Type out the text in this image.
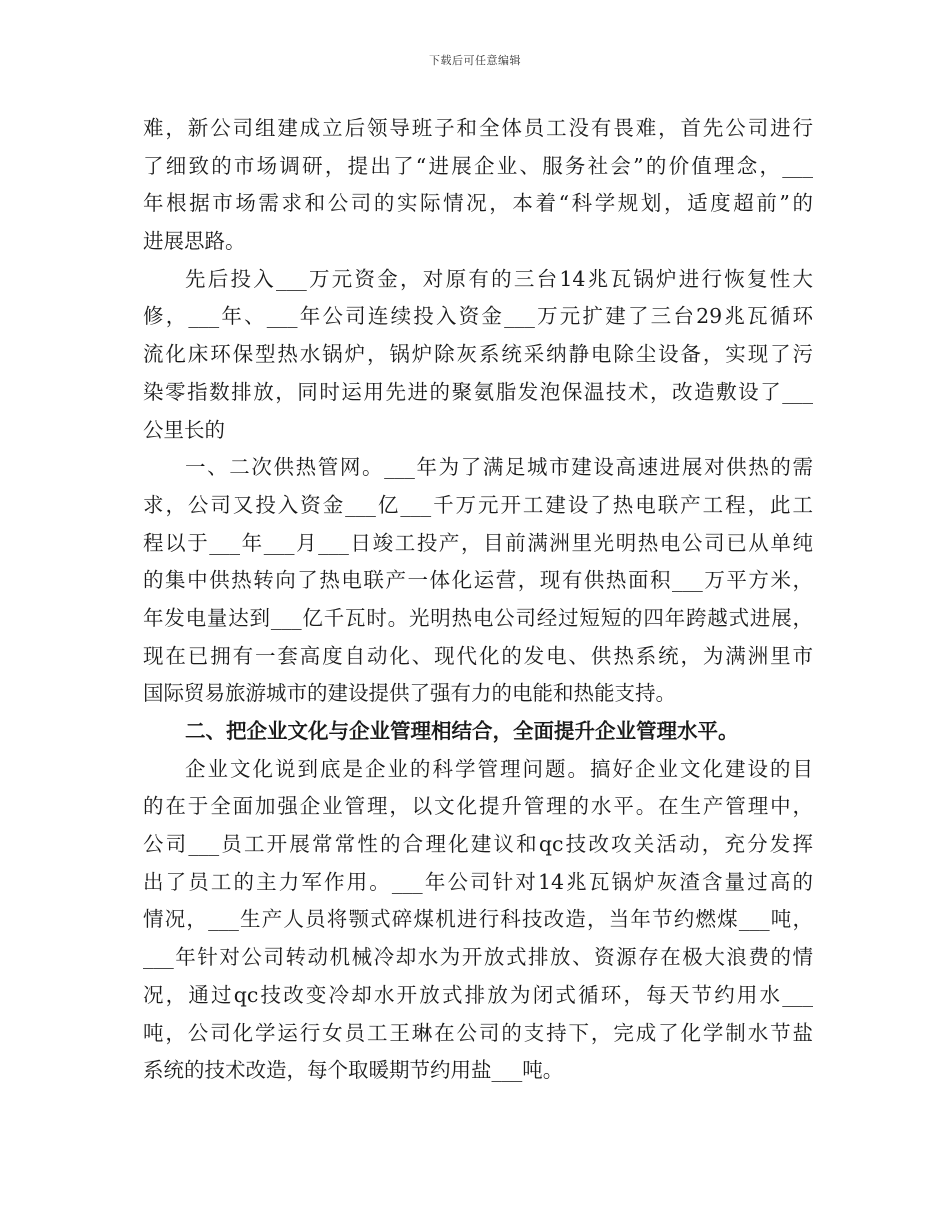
下载后可任意编辑
难，新公司组建成立后领导班子和全体员工没有畏难，首先公司进行
了细致的市场调研，提出了“进展企业、服务社会”的价值理念，___
年根据市场需求和公司的实际情况，本着“科学规划，适度超前”的
进展思路。
先后投入___万元资金，对原有的三台14兆瓦锅炉进行恢复性大
修，___年、___年公司连续投入资金___万元扩建了三台29兆瓦循环
流化床环保型热水锅炉，锅炉除灰系统采纳静电除尘设备，实现了污
染零指数排放，同时运用先进的聚氨脂发泡保温技术，改造敷设了___
公里长的
一、二次供热管网。___年为了满足城市建设高速进展对供热的需
求，公司又投入资金___亿___千万元开工建设了热电联产工程，此工
程以于___年___月___日竣工投产，目前满洲里光明热电公司已从单纯
的集中供热转向了热电联产一体化运营，现有供热面积___万平方米，
年发电量达到___亿千瓦时。光明热电公司经过短短的四年跨越式进展，
现在已拥有一套高度自动化、现代化的发电、供热系统，为满洲里市
国际贸易旅游城市的建设提供了强有力的电能和热能支持。
二、把企业文化与企业管理相结合，全面提升企业管理水平。
企业文化说到底是企业的科学管理问题。搞好企业文化建设的目
的在于全面加强企业管理，以文化提升管理的水平。在生产管理中，
公司___员工开展常常性的合理化建议和qc技改攻关活动，充分发挥
出了员工的主力军作用。___年公司针对14兆瓦锅炉灰渣含量过高的
情况，___生产人员将颚式碎煤机进行科技改造，当年节约燃煤___吨，
___年针对公司转动机械冷却水为开放式排放、资源存在极大浪费的情
况，通过qc技改变冷却水开放式排放为闭式循环，每天节约用水___
吨，公司化学运行女员工王琳在公司的支持下，完成了化学制水节盐
系统的技术改造，每个取暖期节约用盐___吨。
